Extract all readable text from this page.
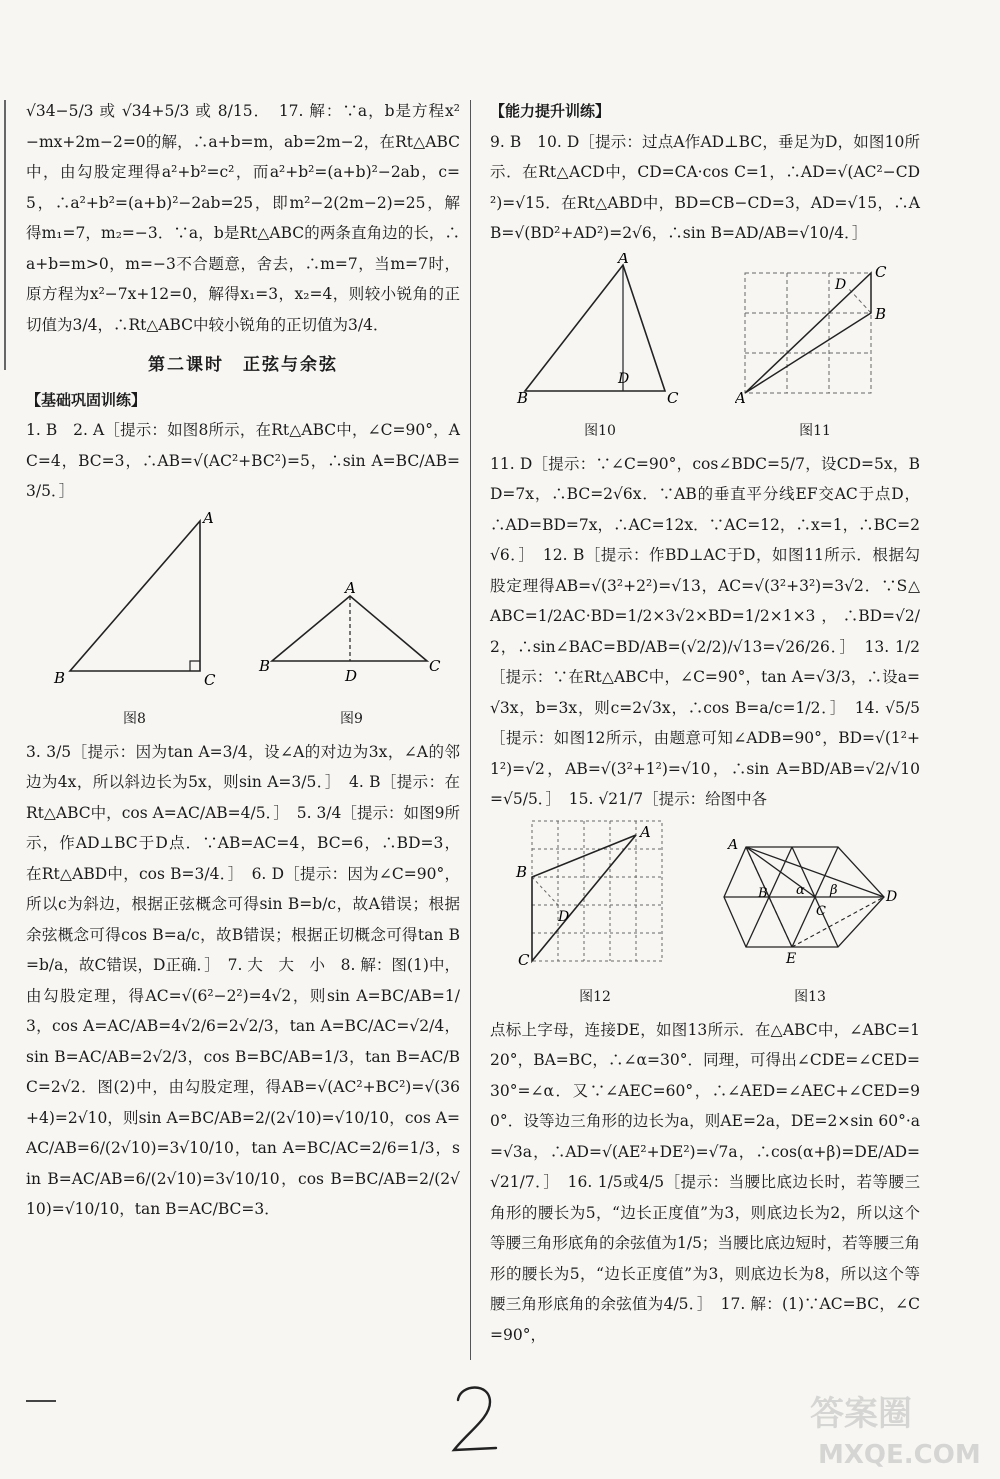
√34−5/3 或 √34+5/3 或 8/15．　17. 解：∵a，b是方程x²−mx+2m−2=0的解，∴a+b=m，ab=2m−2，在Rt△ABC中，由勾股定理得a²+b²=c²，而a²+b²=(a+b)²−2ab，c=5，∴a²+b²=(a+b)²−2ab=25，即m²−2(2m−2)=25，解得m₁=7，m₂=−3．∵a，b是Rt△ABC的两条直角边的长，∴a+b=m>0，m=−3不合题意，舍去，∴m=7，当m=7时，原方程为x²−7x+12=0，解得x₁=3，x₂=4，则较小锐角的正切值为3/4，∴Rt△ABC中较小锐角的正切值为3/4．

第二课时　正弦与余弦

【基础巩固训练】

1. B　2. A［提示：如图8所示，在Rt△ABC中，∠C=90°，AC=4，BC=3，∴AB=√(AC²+BC²)=5，∴sin A=BC/AB=3/5．］

A
B	C
图8
A
B
D
C
图9

3. 3/5［提示：因为tan A=3/4，设∠A的对边为3x，∠A的邻边为4x，所以斜边长为5x，则sin A=3/5．］　4. B［提示：在Rt△ABC中，cos A=AC/AB=4/5．］　5. 3/4［提示：如图9所示，作AD⊥BC于D点．∵AB=AC=4，BC=6，∴BD=3，在Rt△ABD中，cos B=3/4．］　6. D［提示：因为∠C=90°，所以c为斜边，根据正弦概念可得sin B=b/c，故A错误；根据余弦概念可得cos B=a/c，故B错误；根据正切概念可得tan B=b/a，故C错误，D正确．］　7. 大　大　小　8. 解：图(1)中，由勾股定理，得AC=√(6²−2²)=4√2，则sin A=BC/AB=1/3，cos A=AC/AB=4√2/6=2√2/3，tan A=BC/AC=√2/4，sin B=AC/AB=2√2/3，cos B=BC/AB=1/3，tan B=AC/BC=2√2．图(2)中，由勾股定理，得AB=√(AC²+BC²)=√(36+4)=2√10，则sin A=BC/AB=2/(2√10)=√10/10，cos A=AC/AB=6/(2√10)=3√10/10，tan A=BC/AC=2/6=1/3，sin B=AC/AB=6/(2√10)=3√10/10，cos B=BC/AB=2/(2√10)=√10/10，tan B=AC/BC=3．

【能力提升训练】

9. B　10. D［提示：过点A作AD⊥BC，垂足为D，如图10所示．在Rt△ACD中，CD=CA·cos C=1，∴AD=√(AC²−CD²)=√15．在Rt△ABD中，BD=CB−CD=3，AD=√15，∴AB=√(BD²+AD²)=2√6，∴sin B=AD/AB=√10/4．］

A
B
D
C
图10
C
B
D
A
图11

11. D［提示：∵∠C=90°，cos∠BDC=5/7，设CD=5x，BD=7x，∴BC=2√6x．∵AB的垂直平分线EF交AC于点D，∴AD=BD=7x，∴AC=12x．∵AC=12，∴x=1，∴BC=2√6．］　12. B［提示：作BD⊥AC于D，如图11所示．根据勾股定理得AB=√(3²+2²)=√13，AC=√(3²+3²)=3√2．∵S△ABC=1/2AC·BD=1/2×3√2×BD=1/2×1×3，∴BD=√2/2，∴sin∠BAC=BD/AB=(√2/2)/√13=√26/26．］　13. 1/2［提示：∵在Rt△ABC中，∠C=90°，tan A=√3/3，∴设a=√3x，b=3x，则c=2√3x，∴cos B=a/c=1/2．］　14. √5/5［提示：如图12所示，由题意可知∠ADB=90°，BD=√(1²+1²)=√2，AB=√(3²+1²)=√10，∴sin A=BD/AB=√2/√10=√5/5．］　15. √21/7［提示：给图中各

A
B
D
C
图12
A
B α β
C
D
E
图13

点标上字母，连接DE，如图13所示．在△ABC中，∠ABC=120°，BA=BC，∴∠α=30°．同理，可得出∠CDE=∠CED=30°=∠α．又∵∠AEC=60°，∴∠AED=∠AEC+∠CED=90°．设等边三角形的边长为a，则AE=2a，DE=2×sin 60°·a=√3a，∴AD=√(AE²+DE²)=√7a，∴cos(α+β)=DE/AD=√21/7．］　16. 1/5或4/5［提示：当腰比底边长时，若等腰三角形的腰长为5，“边长正度值”为3，则底边长为2，所以这个等腰三角形底角的余弦值为1/5；当腰比底边短时，若等腰三角形的腰长为5，“边长正度值”为3，则底边长为8，所以这个等腰三角形底角的余弦值为4/5．］　17. 解：(1)∵AC=BC，∠C=90°，

答案圈
MXQE.COM
